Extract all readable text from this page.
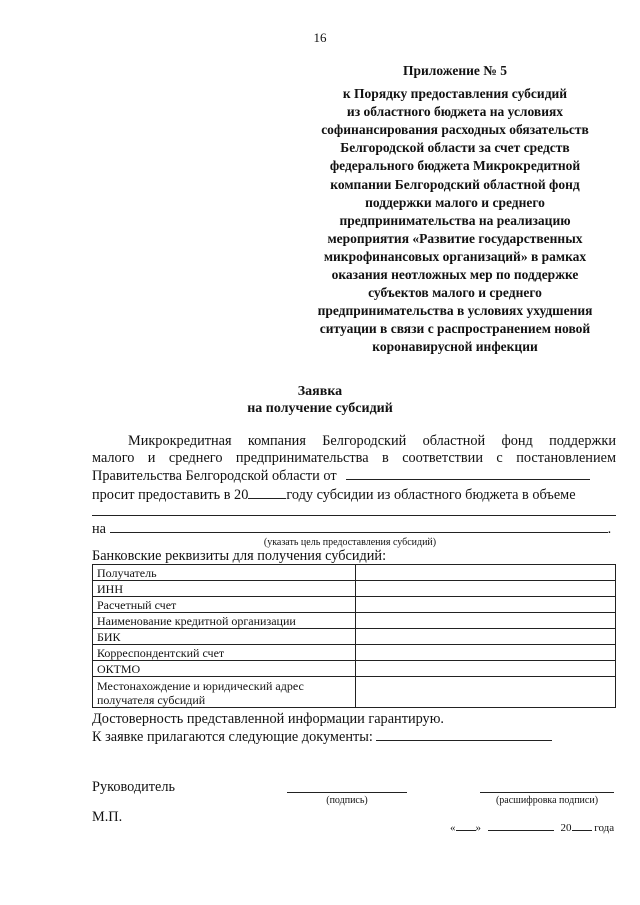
16
Приложение № 5
к Порядку предоставления субсидий
из областного бюджета на условиях
софинансирования расходных обязательств
Белгородской области за счет средств
федерального бюджета Микрокредитной
компании Белгородский областной фонд
поддержки малого и среднего
предпринимательства на реализацию
мероприятия «Развитие государственных
микрофинансовых организаций» в рамках
оказания неотложных мер по поддержке
субъектов малого и среднего
предпринимательства в условиях ухудшения
ситуации в связи с распространением новой
коронавирусной инфекции
Заявка
на получение субсидий
Микрокредитная компания Белгородский областной фонд поддержки
малого и среднего предпринимательства в соответствии с постановлением
Правительства Белгородской области от
просит предоставить в 20	году субсидии из областного бюджета в объеме
на	.
(указать цель предоставления субсидий)
Банковские реквизиты для получения субсидий:
Получатель	
ИНН	
Расчетный счет	
Наименование кредитной организации	
БИК	
Корреспондентский счет	
ОКТМО	
Местонахождение и юридический адрес получателя субсидий	
Достоверность представленной информации гарантирую.
К заявке прилагаются следующие документы:
Руководитель
(подпись)	(расшифровка подписи)
М.П.
« »	20 года
